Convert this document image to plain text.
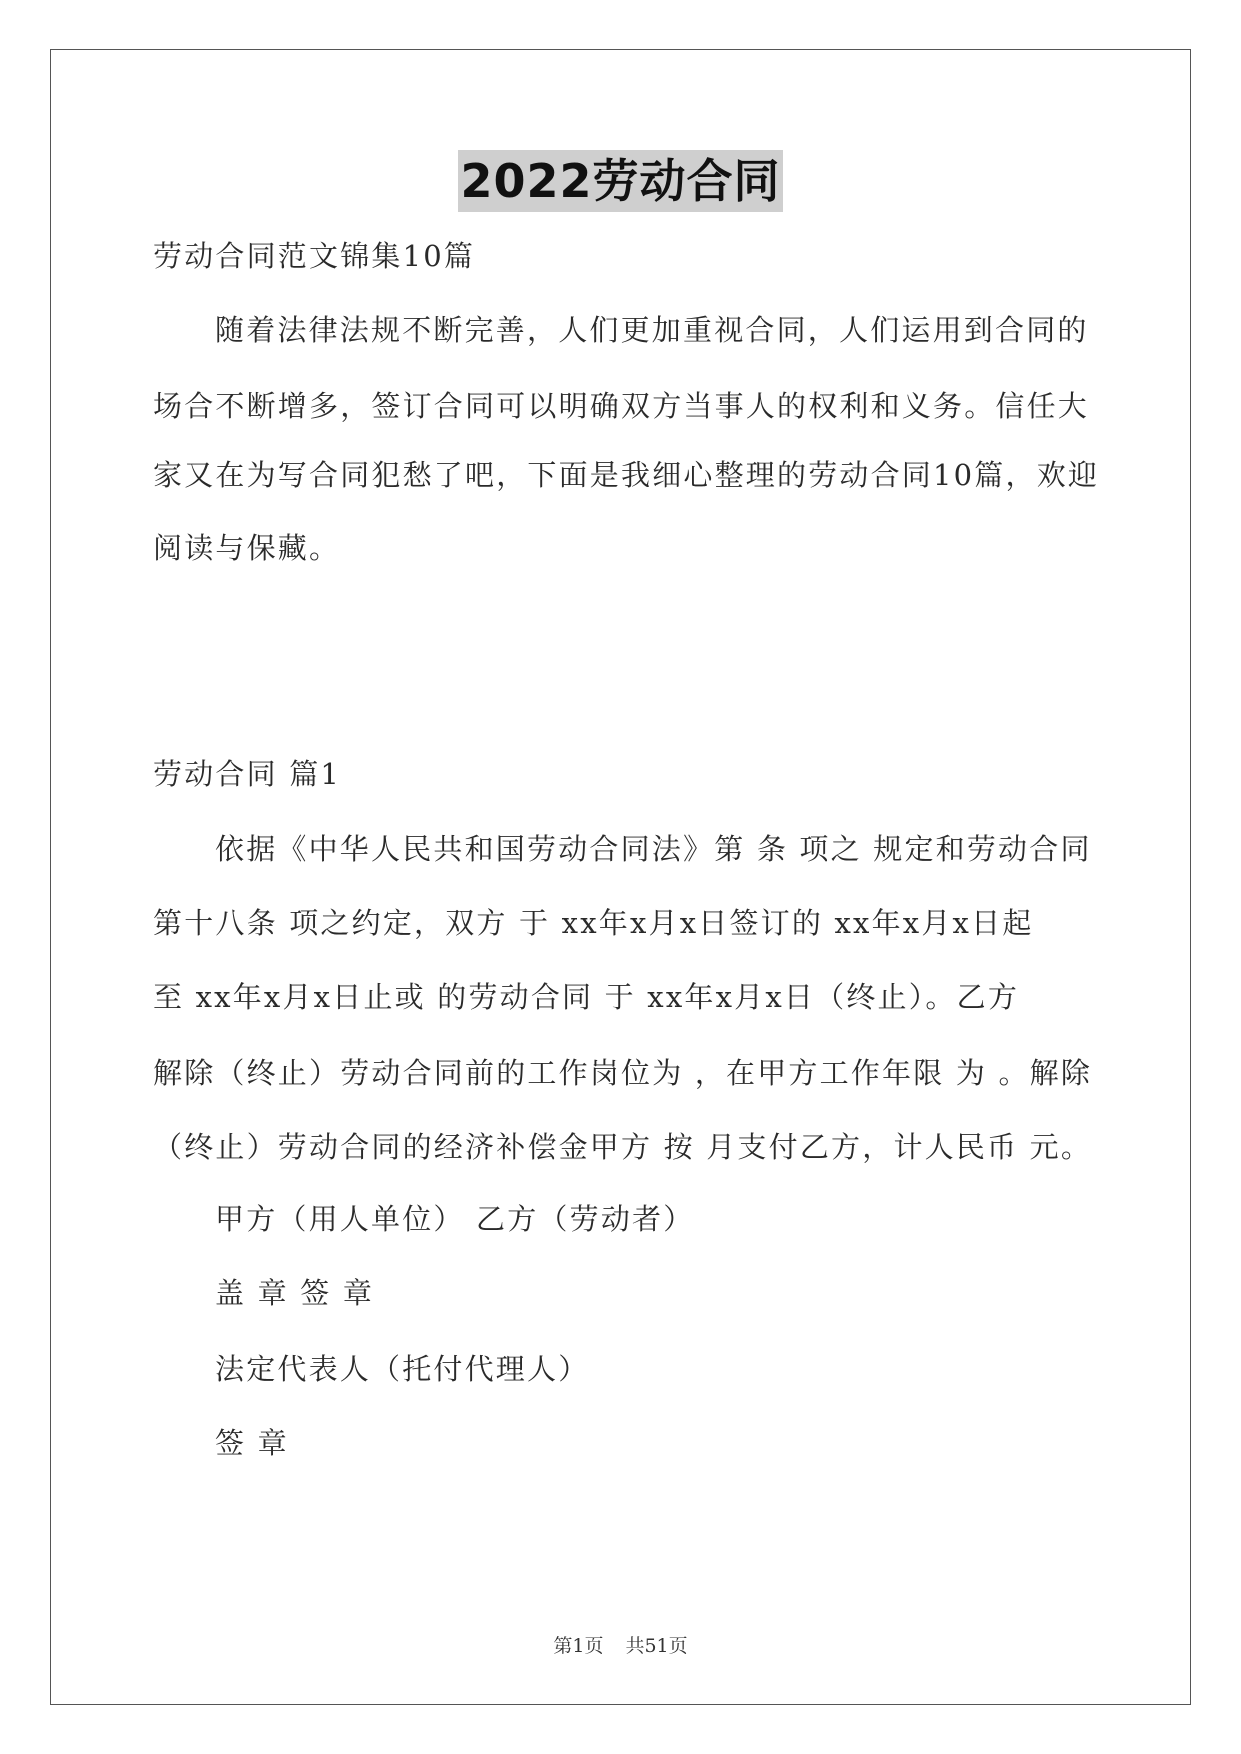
2022劳动合同
劳动合同范文锦集10篇
随着法律法规不断完善，人们更加重视合同，人们运用到合同的
场合不断增多，签订合同可以明确双方当事人的权利和义务。信任大
家又在为写合同犯愁了吧，下面是我细心整理的劳动合同10篇，欢迎
阅读与保藏。
劳动合同 篇1
依据《中华人民共和国劳动合同法》第 条 项之 规定和劳动合同
第十八条 项之约定，双方 于 xx年x月x日签订的 xx年x月x日起
至 xx年x月x日止或 的劳动合同 于 xx年x月x日（终止）。乙方
解除（终止）劳动合同前的工作岗位为 ，在甲方工作年限 为 。解除
（终止）劳动合同的经济补偿金甲方 按 月支付乙方，计人民币 元。
甲方（用人单位） 乙方（劳动者）
盖 章 签 章
法定代表人（托付代理人）
签 章
第1页 共51页
